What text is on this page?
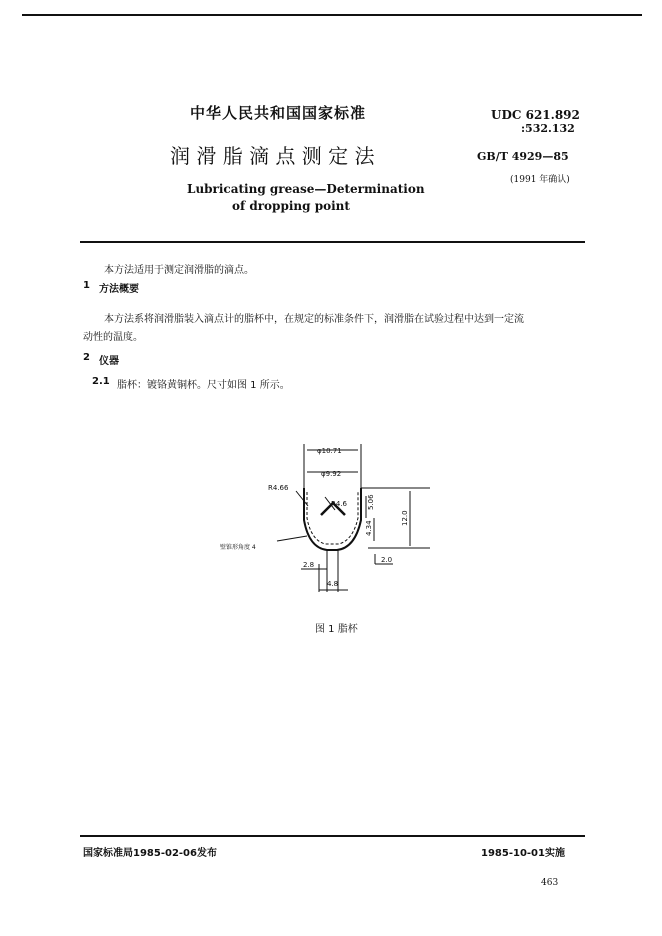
中华人民共和国国家标准
润 滑 脂 滴 点 测 定 法
Lubricating grease—Determination
of dropping point
UDC 621.892
:532.132
GB/T 4929—85
(1991 年确认)
本方法适用于测定润滑脂的滴点。
1 方法概要
本方法系将润滑脂装入滴点计的脂杯中，在规定的标准条件下，润滑脂在试验过程中达到一定流
动性的温度。
2 仪器
2.1 脂杯：镀铬黄铜杯。尺寸如图 1 所示。
φ10.71
φ9.92
R4.66
R4.6	5.06
4.34
12.0
壁锥形角度 4
2.8
4.8
2.0
图 1 脂杯
国家标准局1985-02-06发布	1985-10-01实施
463
